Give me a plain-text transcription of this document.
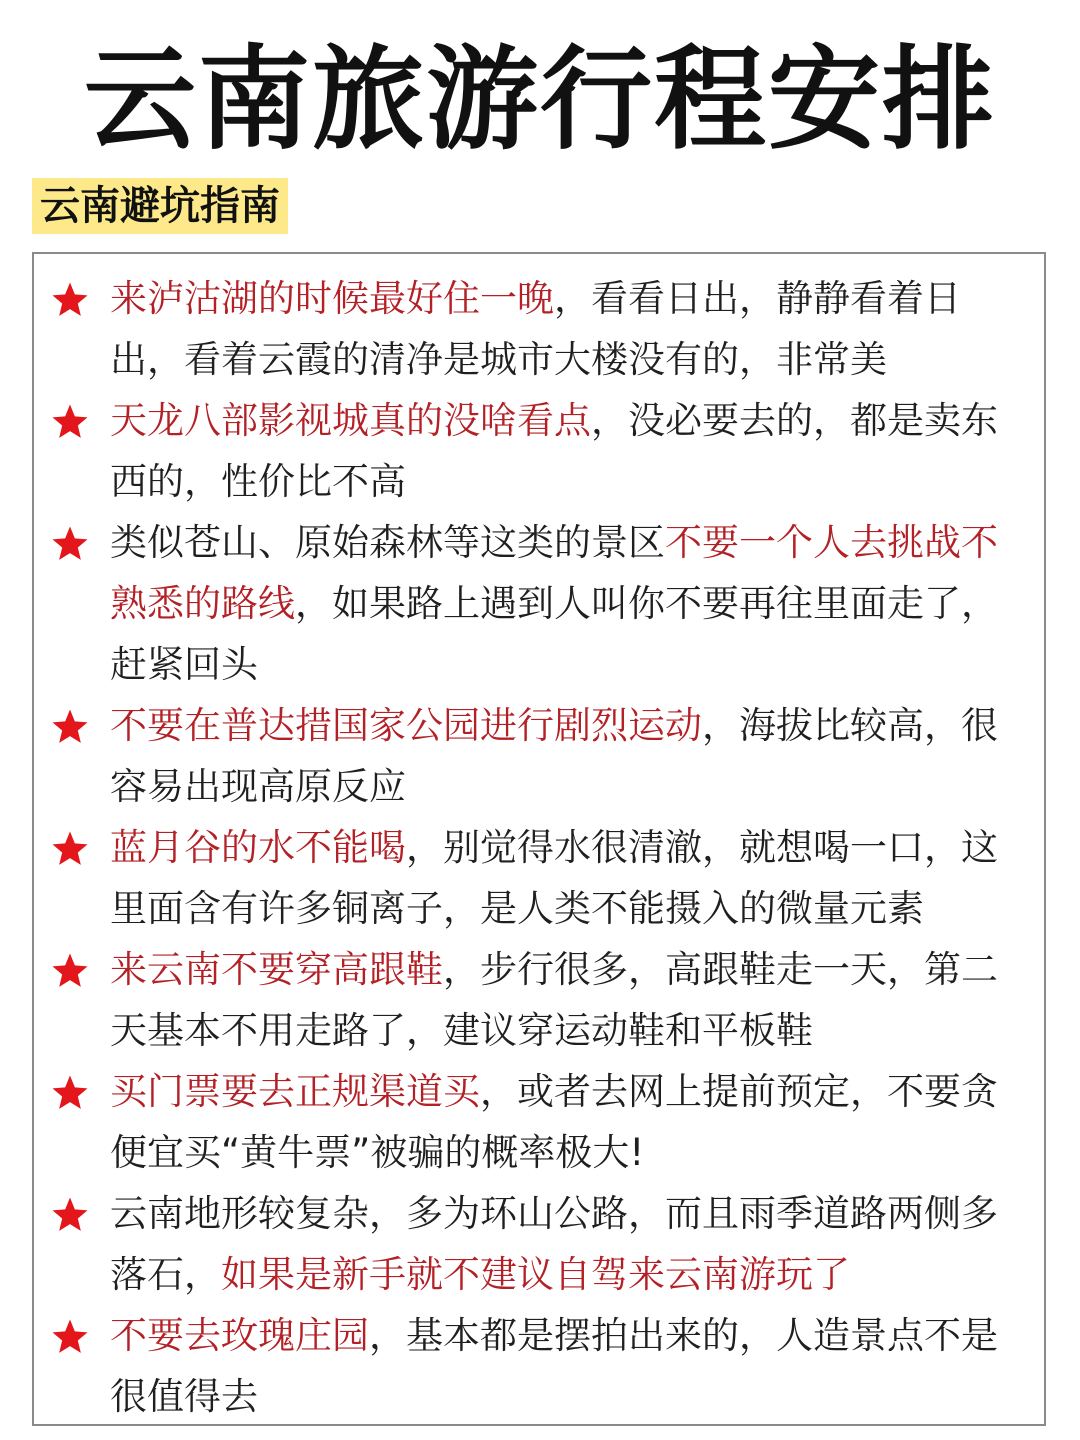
云南旅游行程安排
云南避坑指南
来泸沽湖的时候最好住一晚，看看日出，静静看着日出，看着云霞的清净是城市大楼没有的，非常美
天龙八部影视城真的没啥看点，没必要去的，都是卖东西的，性价比不高
类似苍山、原始森林等这类的景区不要一个人去挑战不熟悉的路线，如果路上遇到人叫你不要再往里面走了，赶紧回头
不要在普达措国家公园进行剧烈运动，海拔比较高，很容易出现高原反应
蓝月谷的水不能喝，别觉得水很清澈，就想喝一口，这里面含有许多铜离子，是人类不能摄入的微量元素
来云南不要穿高跟鞋，步行很多，高跟鞋走一天，第二天基本不用走路了，建议穿运动鞋和平板鞋
买门票要去正规渠道买，或者去网上提前预定，不要贪便宜买“黄牛票”被骗的概率极大!
云南地形较复杂，多为环山公路，而且雨季道路两侧多落石，如果是新手就不建议自驾来云南游玩了
不要去玫瑰庄园，基本都是摆拍出来的，人造景点不是很值得去
